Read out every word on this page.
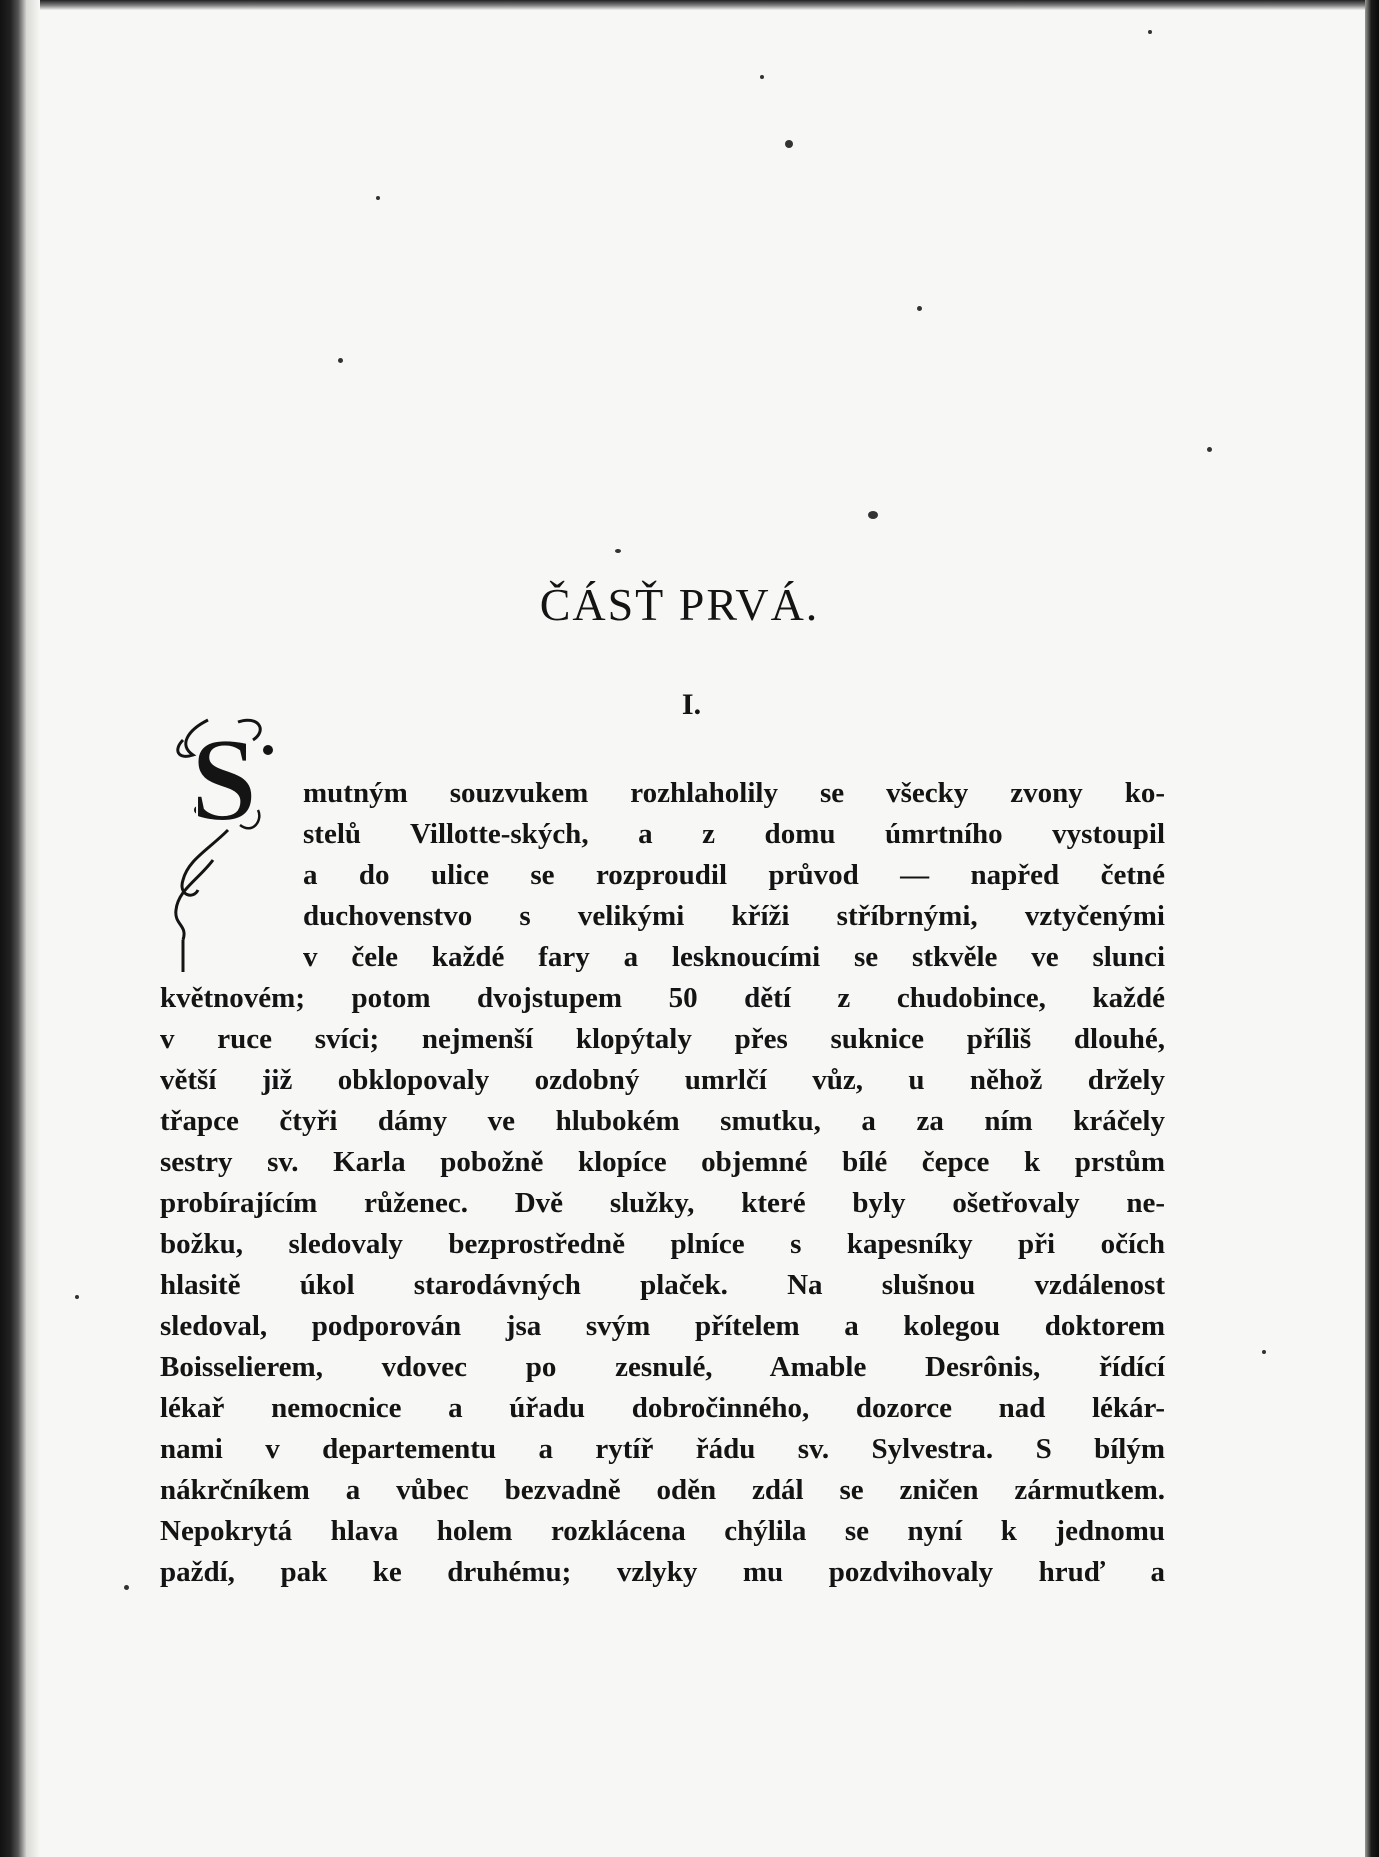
ČÁSŤ PRVÁ.
I.
S	mutným souzvukem rozhlaholily se všecky zvony ko-
stelů Villotte-ských, a z domu úmrtního vystoupil
a do ulice se rozproudil průvod — napřed četné
duchovenstvo s velikými kříži stříbrnými, vztyčenými
v čele každé fary a lesknoucími se stkvěle ve slunci
květnovém; potom dvojstupem 50 dětí z chudobince, každé
v ruce svíci; nejmenší klopýtaly přes suknice příliš dlouhé,
větší již obklopovaly ozdobný umrlčí vůz, u něhož držely
třapce čtyři dámy ve hlubokém smutku, a za ním kráčely
sestry sv. Karla pobožně klopíce objemné bílé čepce k prstům
probírajícím růženec. Dvě služky, které byly ošetřovaly ne-
božku, sledovaly bezprostředně plníce s kapesníky při očích
hlasitě úkol starodávných plaček. Na slušnou vzdálenost
sledoval, podporován jsa svým přítelem a kolegou doktorem
Boisselierem, vdovec po zesnulé, Amable Desrônis, řídící
lékař nemocnice a úřadu dobročinného, dozorce nad lékár-
nami v departementu a rytíř řádu sv. Sylvestra. S bílým
nákrčníkem a vůbec bezvadně oděn zdál se zničen zármutkem.
Nepokrytá hlava holem rozklácena chýlila se nyní k jednomu
paždí, pak ke druhému; vzlyky mu pozdvihovaly hruď a
